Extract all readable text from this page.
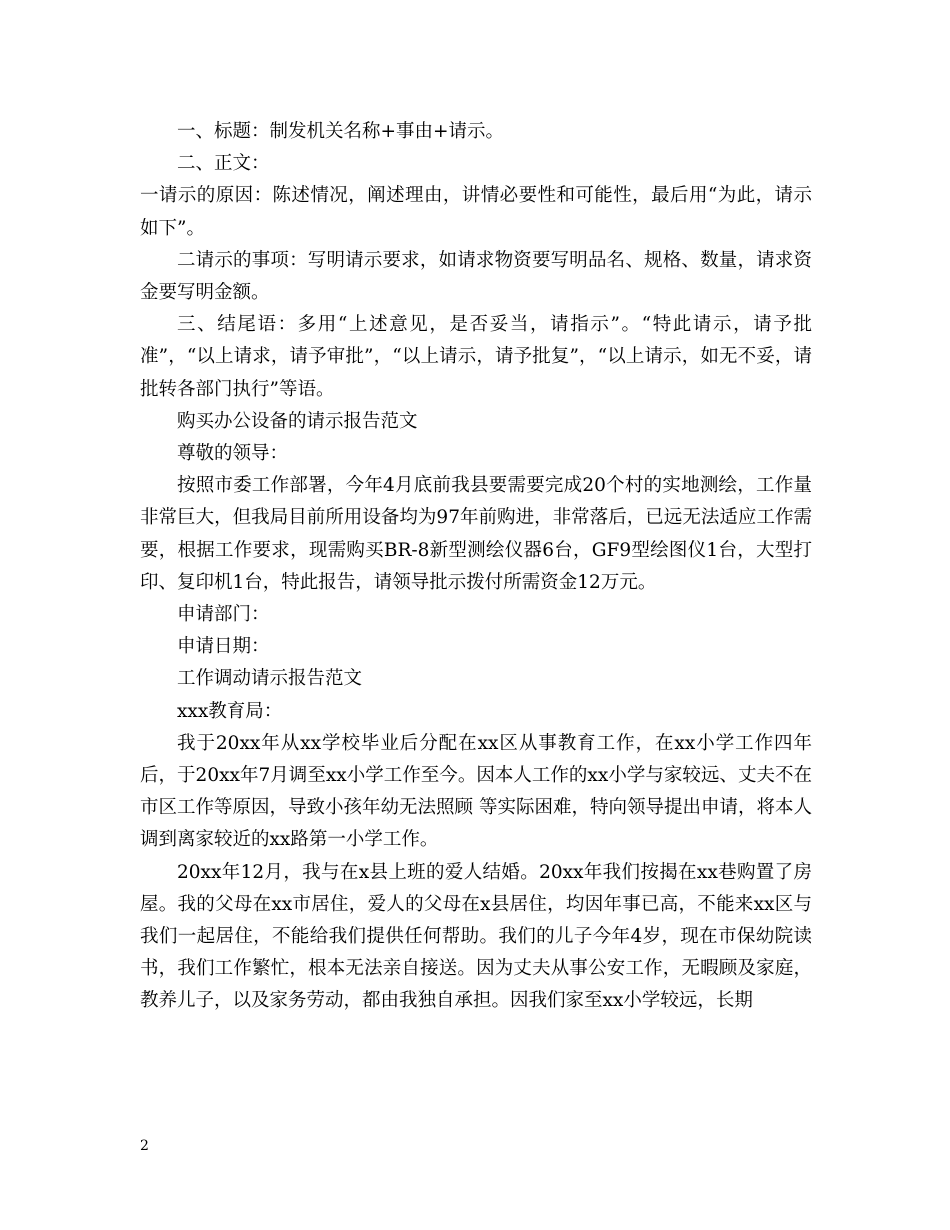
一、标题：制发机关名称+事由+请示。

二、正文：

一请示的原因：陈述情况，阐述理由，讲情必要性和可能性，最后用“为此，请示如下”。

二请示的事项：写明请示要求，如请求物资要写明品名、规格、数量，请求资金要写明金额。

三、结尾语：多用“上述意见，是否妥当，请指示”。“特此请示，请予批准”，“以上请求，请予审批”，“以上请示，请予批复”，“以上请示，如无不妥，请批转各部门执行”等语。

购买办公设备的请示报告范文

尊敬的领导：

按照市委工作部署，今年4月底前我县要需要完成20个村的实地测绘，工作量非常巨大，但我局目前所用设备均为97年前购进，非常落后，已远无法适应工作需要，根据工作要求，现需购买BR-8新型测绘仪器6台，GF9型绘图仪1台，大型打印、复印机1台，特此报告，请领导批示拨付所需资金12万元。

申请部门：

申请日期：

工作调动请示报告范文

xxx教育局：

我于20xx年从xx学校毕业后分配在xx区从事教育工作，在xx小学工作四年后，于20xx年7月调至xx小学工作至今。因本人工作的xx小学与家较远、丈夫不在市区工作等原因，导致小孩年幼无法照顾 等实际困难，特向领导提出申请，将本人调到离家较近的xx路第一小学工作。

20xx年12月，我与在x县上班的爱人结婚。20xx年我们按揭在xx巷购置了房屋。我的父母在xx市居住，爱人的父母在x县居住，均因年事已高，不能来xx区与我们一起居住，不能给我们提供任何帮助。我们的儿子今年4岁，现在市保幼院读书，我们工作繁忙，根本无法亲自接送。因为丈夫从事公安工作，无暇顾及家庭，教养儿子，以及家务劳动，都由我独自承担。因我们家至xx小学较远，长期

2
